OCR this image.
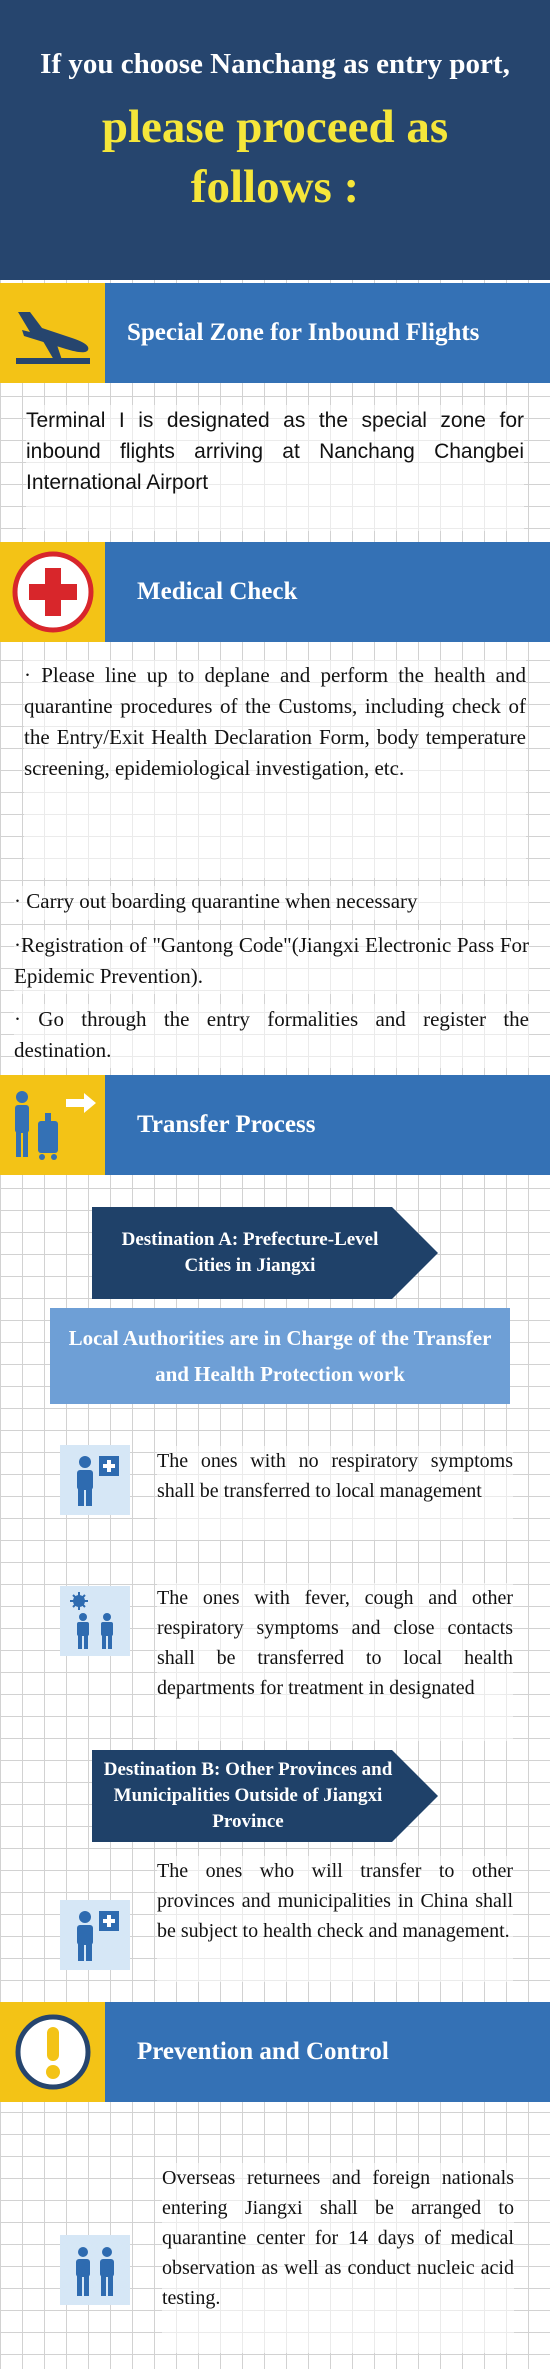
If you choose Nanchang as entry port,
please proceed as
follows :
Special Zone for Inbound Flights
Terminal I is designated as the special zone for inbound flights arriving at Nanchang Changbei International Airport
Medical Check
· Please line up to deplane and perform the health and quarantine procedures of the Customs, including check of the Entry/Exit Health Declaration Form, body temperature screening, epidemiological investigation, etc.
· Carry out boarding quarantine when necessary
·Registration of "Gantong Code"(Jiangxi Electronic Pass For Epidemic Prevention).
· Go through the entry formalities and register the destination.
Transfer Process
Destination A: Prefecture-Level Cities in Jiangxi
Local Authorities are in Charge of the Transfer and Health Protection work
The ones with no respiratory symptoms shall be transferred to local management
The ones with fever, cough and other respiratory symptoms and close contacts shall be transferred to local health departments for treatment in designated
Destination B: Other Provinces and Municipalities Outside of Jiangxi Province
The ones who will transfer to other provinces and municipalities in China shall be subject to health check and management.
Prevention and Control
Overseas returnees and foreign nationals entering Jiangxi shall be arranged to quarantine center for 14 days of medical observation as well as conduct nucleic acid testing.
